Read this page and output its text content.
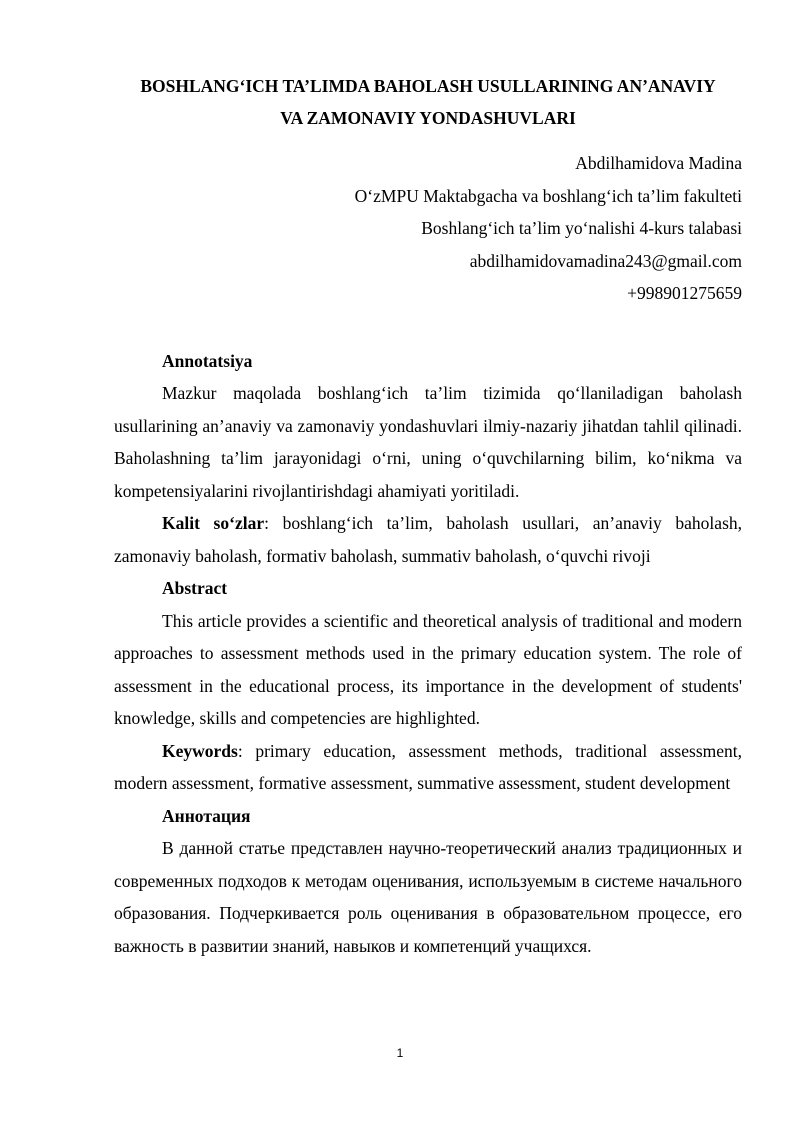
BOSHLANG‘ICH TA’LIMDA BAHOLASH USULLARINING AN’ANAVIY
VA ZAMONAVIY YONDASHUVLARI

Abdilhamidova Madina
O‘zMPU Maktabgacha va boshlang‘ich ta’lim fakulteti
Boshlang‘ich ta’lim yo‘nalishi 4-kurs talabasi
abdilhamidovamadina243@gmail.com
+998901275659

Annotatsiya

Mazkur maqolada boshlang‘ich ta’lim tizimida qo‘llaniladigan baholash usullarining an’anaviy va zamonaviy yondashuvlari ilmiy-nazariy jihatdan tahlil qilinadi. Baholashning ta’lim jarayonidagi o‘rni, uning o‘quvchilarning bilim, ko‘nikma va kompetensiyalarini rivojlantirishdagi ahamiyati yoritiladi.

Kalit so‘zlar: boshlang‘ich ta’lim, baholash usullari, an’anaviy baholash, zamonaviy baholash, formativ baholash, summativ baholash, o‘quvchi rivoji

Abstract

This article provides a scientific and theoretical analysis of traditional and modern approaches to assessment methods used in the primary education system. The role of assessment in the educational process, its importance in the development of students' knowledge, skills and competencies are highlighted.

Keywords: primary education, assessment methods, traditional assessment, modern assessment, formative assessment, summative assessment, student development

Аннотация

В данной статье представлен научно-теоретический анализ традиционных и современных подходов к методам оценивания, используемым в системе начального образования. Подчеркивается роль оценивания в образовательном процессе, его важность в развитии знаний, навыков и компетенций учащихся.

1
